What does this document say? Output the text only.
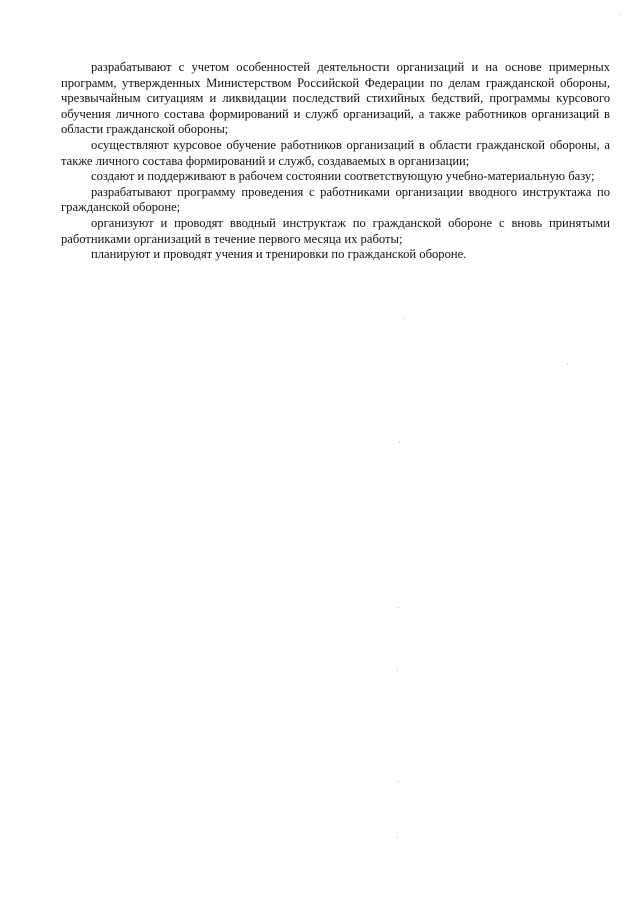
разрабатывают с учетом особенностей деятельности организаций и на основе примерных программ, утвержденных Министерством Российской Федерации по делам гражданской обороны, чрезвычайным ситуациям и ликвидации последствий стихийных бедствий, программы курсового обучения личного состава формирований и служб организаций, а также работников организаций в области гражданской обороны;

осуществляют курсовое обучение работников организаций в области гражданской обороны, а также личного состава формирований и служб, создаваемых в организации;

создают и поддерживают в рабочем состоянии соответствующую учебно-материальную базу;

разрабатывают программу проведения с работниками организации вводного инструктажа по гражданской обороне;

организуют и проводят вводный инструктаж по гражданской обороне с вновь принятыми работниками организаций в течение первого месяца их работы;

планируют и проводят учения и тренировки по гражданской обороне.
